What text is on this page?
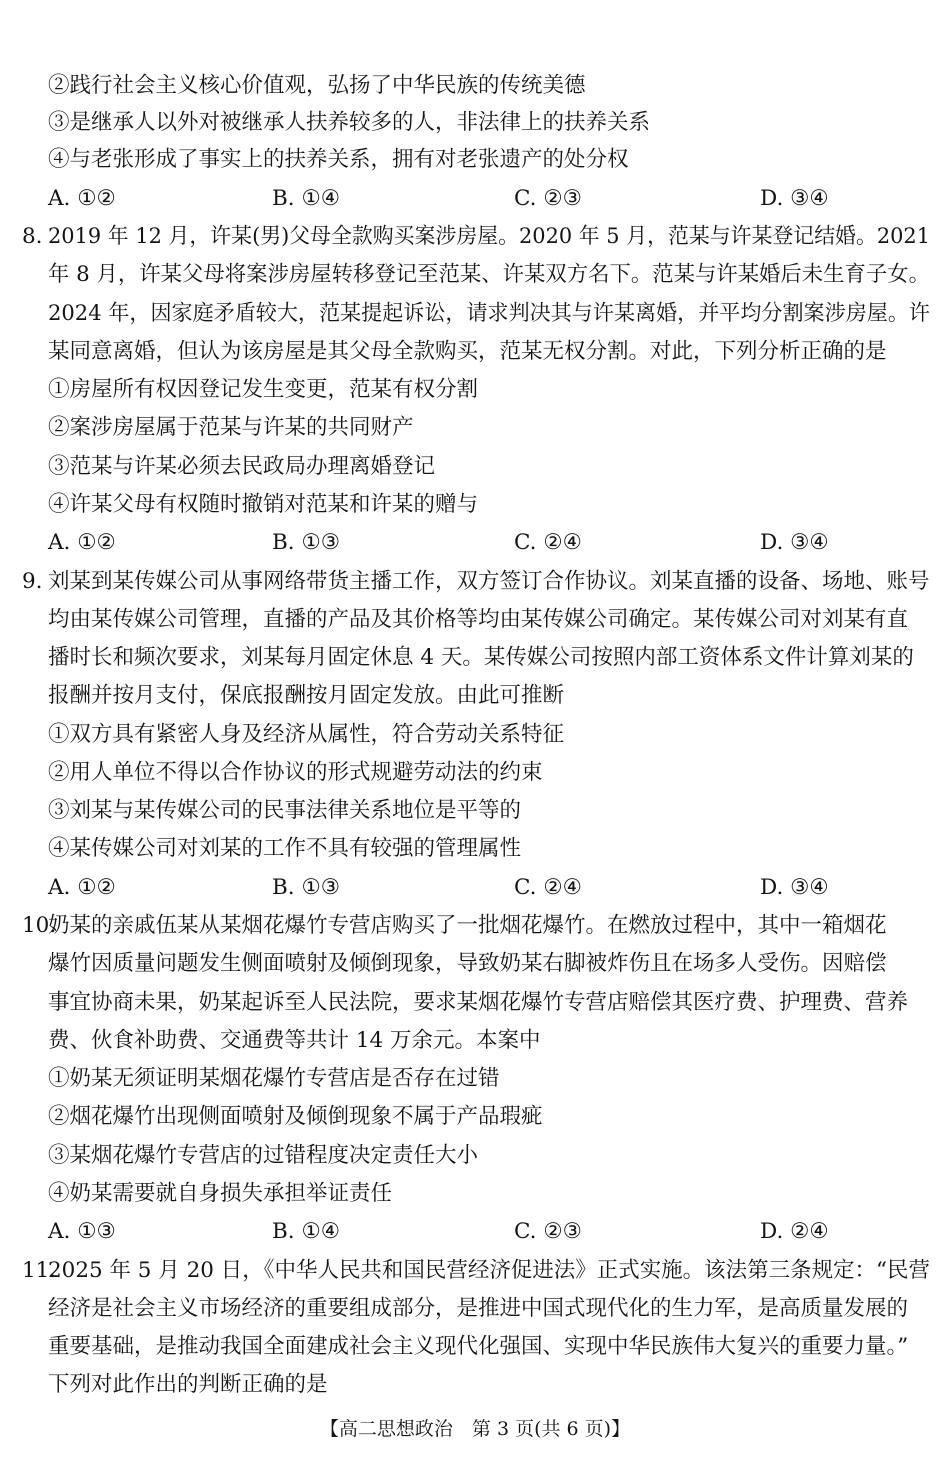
②践行社会主义核心价值观，弘扬了中华民族的传统美德
③是继承人以外对被继承人扶养较多的人，非法律上的扶养关系
④与老张形成了事实上的扶养关系，拥有对老张遗产的处分权
A. ①②	B. ①④	C. ②③	D. ③④
8. 2019 年 12 月，许某(男)父母全款购买案涉房屋。2020 年 5 月，范某与许某登记结婚。2021
年 8 月，许某父母将案涉房屋转移登记至范某、许某双方名下。范某与许某婚后未生育子女。
2024 年，因家庭矛盾较大，范某提起诉讼，请求判决其与许某离婚，并平均分割案涉房屋。许
某同意离婚，但认为该房屋是其父母全款购买，范某无权分割。对此，下列分析正确的是
①房屋所有权因登记发生变更，范某有权分割
②案涉房屋属于范某与许某的共同财产
③范某与许某必须去民政局办理离婚登记
④许某父母有权随时撤销对范某和许某的赠与
A. ①②	B. ①③	C. ②④	D. ③④
9. 刘某到某传媒公司从事网络带货主播工作，双方签订合作协议。刘某直播的设备、场地、账号
均由某传媒公司管理，直播的产品及其价格等均由某传媒公司确定。某传媒公司对刘某有直
播时长和频次要求，刘某每月固定休息 4 天。某传媒公司按照内部工资体系文件计算刘某的
报酬并按月支付，保底报酬按月固定发放。由此可推断
①双方具有紧密人身及经济从属性，符合劳动关系特征
②用人单位不得以合作协议的形式规避劳动法的约束
③刘某与某传媒公司的民事法律关系地位是平等的
④某传媒公司对刘某的工作不具有较强的管理属性
A. ①②	B. ①③	C. ②④	D. ③④
10.
奶某的亲戚伍某从某烟花爆竹专营店购买了一批烟花爆竹。在燃放过程中，其中一箱烟花
爆竹因质量问题发生侧面喷射及倾倒现象，导致奶某右脚被炸伤且在场多人受伤。因赔偿
事宜协商未果，奶某起诉至人民法院，要求某烟花爆竹专营店赔偿其医疗费、护理费、营养
费、伙食补助费、交通费等共计 14 万余元。本案中
①奶某无须证明某烟花爆竹专营店是否存在过错
②烟花爆竹出现侧面喷射及倾倒现象不属于产品瑕疵
③某烟花爆竹专营店的过错程度决定责任大小
④奶某需要就自身损失承担举证责任
A. ①③	B. ①④	C. ②③	D. ②④
11.
2025 年 5 月 20 日，《中华人民共和国民营经济促进法》正式实施。该法第三条规定：“民营
经济是社会主义市场经济的重要组成部分，是推进中国式现代化的生力军，是高质量发展的
重要基础，是推动我国全面建成社会主义现代化强国、实现中华民族伟大复兴的重要力量。”
下列对此作出的判断正确的是
【高二思想政治　第 3 页(共 6 页)】
